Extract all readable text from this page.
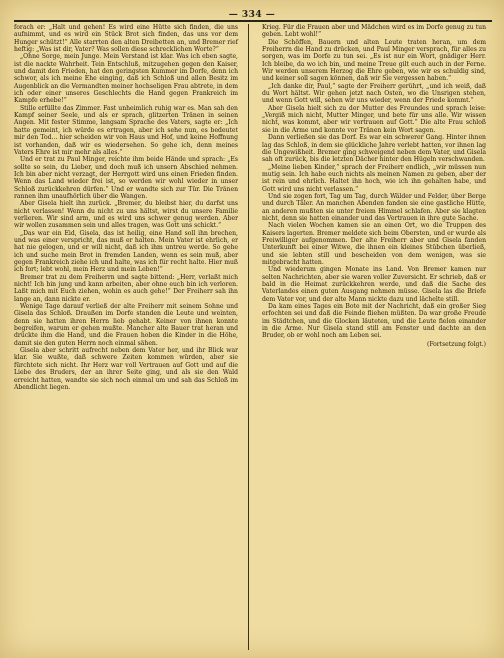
— 334 —

forach er: „Halt und gehen! Es wird eine Hütte sich finden, die uns aufnimmt, und es wird ein Stück Brot sich finden, das uns vor dem Hunger schützt!“ Alle starrten den alten Dreibetten an, und Bremer rief heftig: „Was ist dir, Vater? Was sollen diese schrecklichen Worte?“

„Ohne Sorge, mein Junge. Mein Verstand ist klar. Was ich eben sagte, ist die nackte Wahrheit. Tein Entschluß, mitzugehen gegen den Kaiser, und damit den Frieden, hat den geringsten Kummer im Dorfe, denn ich schwor, als ich meine Ehe einging, daß ich Schloß und allen Besitz im Augenblick an die Vermandten meiner hochseligen Frau abtrete, in dem ich oder einer unseres Geschlechts die Hand gegen Frankreich im Kampfe erhebe!“

Stille erfüllte das Zimmer. Fast unheimlich ruhig war es. Man sah den Kampf seiner Seele, und als er sprach, glitzerten Tränen in seinen Augen. Mit fester Stimme, langsam Sprache des Vaters, sagte er: „Ich hatte gemeint, ich würde es ertragen, aber ich sehe nun, es bedeutet mir den Tod... hier scheiden wir von Haus und Hof, und keine Hoffnung ist vorhanden, daß wir es wiedersehen. So gehe ich, denn meines Vaters Ehre ist mir mehr als alles.“

Und er trat zu Paul Minger, reichte ihm beide Hände und sprach: „Es sollte so sein, du Lieber, und doch muß ich unsern Abschied nehmen. Ich bin aber nicht verzagt, der Herrgott wird uns einen Frieden finden. Wenn das Land wieder frei ist, so werden wir wohl wieder in unser Schloß zurückkehren dürfen.“ Und er wandte sich zur Tür. Die Tränen rannen ihm unaufhörlich über die Wangen.

Aber Gisela hielt ihn zurück. „Bremer, du bleibst hier, du darfst uns nicht verlassen! Wenn du nicht zu uns hältst, wirst du unsere Familie verlieren. Wir sind arm, und es wird uns schwer genug werden. Aber wir wollen zusammen sein und alles tragen, was Gott uns schickt.“

„Das war ein Eid, Gisela, das ist heilig, eine Hand soll ihn brechen, und was einer verspricht, das muß er halten. Mein Vater ist ehrlich, er hat nie gelogen, und er will nicht, daß ich ihm untreu werde. So gehe ich und suche mein Brot in fremden Landen, wenn es sein muß, aber gegen Frankreich ziehe ich und halte, was ich für recht halte. Hier muß ich fort; lebt wohl, mein Herz und mein Leben!“

Bremer trat zu dem Freiherrn und sagte bittend: „Herr, verlaßt mich nicht! Ich bin jung und kann arbeiten, aber ohne euch bin ich verloren. Laßt mich mit Euch ziehen, wohin es auch gehe!“ Der Freiherr sah ihn lange an, dann nickte er.

Wenige Tage darauf verließ der alte Freiherr mit seinem Sohne und Gisela das Schloß. Draußen im Dorfe standen die Leute und weinten, denn sie hatten ihren Herrn lieb gehabt. Keiner von ihnen konnte begreifen, warum er gehen mußte. Mancher alte Bauer trat heran und drückte ihm die Hand, und die Frauen hoben die Kinder in die Höhe, damit sie den guten Herrn noch einmal sähen.

Gisela aber schritt aufrecht neben dem Vater her, und ihr Blick war klar. Sie wußte, daß schwere Zeiten kommen würden, aber sie fürchtete sich nicht. Ihr Herz war voll Vertrauen auf Gott und auf die Liebe des Bruders, der an ihrer Seite ging, und als sie den Wald erreicht hatten, wandte sie sich noch einmal um und sah das Schloß im Abendlicht liegen.

Krieg. Für die Frauen aber und Mädchen wird es im Dorfe genug zu tun geben. Lebt wohl!“

Die Schöffen, Bauern und alten Leute traten heran, um dem Freiherrn die Hand zu drücken, und Paul Minger versprach, für alles zu sorgen, was im Dorfe zu tun sei. „Es ist nur ein Wort, gnädiger Herr. Ich bleibe, da wo ich bin, und meine Treue gilt euch auch in der Ferne. Wir werden unserem Herzog die Ehre geben, wie wir es schuldig sind, und keiner soll sagen können, daß wir Sie vergessen haben.“

„Ich danke dir, Paul,“ sagte der Freiherr gerührt, „und ich weiß, daß du Wort hältst. Wir gehen jetzt nach Osten, wo die Unsrigen stehen, und wenn Gott will, sehen wir uns wieder, wenn der Friede kommt.“

Aber Gisela hielt sich zu der Mutter des Freundes und sprach leise: „Vergiß mich nicht, Mutter Minger, und bete für uns alle. Wir wissen nicht, was kommt, aber wir vertrauen auf Gott.“ Die alte Frau schloß sie in die Arme und konnte vor Tränen kein Wort sagen.

Dann verließen sie das Dorf. Es war ein schwerer Gang. Hinter ihnen lag das Schloß, in dem sie glückliche Jahre verlebt hatten, vor ihnen lag die Ungewißheit. Bremer ging schweigend neben dem Vater, und Gisela sah oft zurück, bis die letzten Dächer hinter den Hügeln verschwanden.

„Meine lieben Kinder,“ sprach der Freiherr endlich, „wir müssen nun mutig sein. Ich habe euch nichts als meinen Namen zu geben, aber der ist rein und ehrlich. Haltet ihn hoch, wie ich ihn gehalten habe, und Gott wird uns nicht verlassen.“

Und sie zogen fort, Tag um Tag, durch Wälder und Felder, über Berge und durch Täler. An manchen Abenden fanden sie eine gastliche Hütte, an anderen mußten sie unter freiem Himmel schlafen. Aber sie klagten nicht, denn sie hatten einander und das Vertrauen in ihre gute Sache.

Nach vielen Wochen kamen sie an einen Ort, wo die Truppen des Kaisers lagerten. Bremer meldete sich beim Obersten, und er wurde als Freiwilliger aufgenommen. Der alte Freiherr aber und Gisela fanden Unterkunft bei einer Witwe, die ihnen ein kleines Stübchen überließ, und sie lebten still und bescheiden von dem wenigen, was sie mitgebracht hatten.

Und wiederum gingen Monate ins Land. Von Bremer kamen nur selten Nachrichten, aber sie waren voller Zuversicht. Er schrieb, daß er bald in die Heimat zurückkehren werde, und daß die Sache des Vaterlandes einen guten Ausgang nehmen müsse. Gisela las die Briefe dem Vater vor, und der alte Mann nickte dazu und lächelte still.

Da kam eines Tages ein Bote mit der Nachricht, daß ein großer Sieg erfochten sei und daß die Feinde fliehen müßten. Da war große Freude im Städtchen, und die Glocken läuteten, und die Leute fielen einander in die Arme. Nur Gisela stand still am Fenster und dachte an den Bruder, ob er wohl noch am Leben sei.

(Fortsetzung folgt.)
